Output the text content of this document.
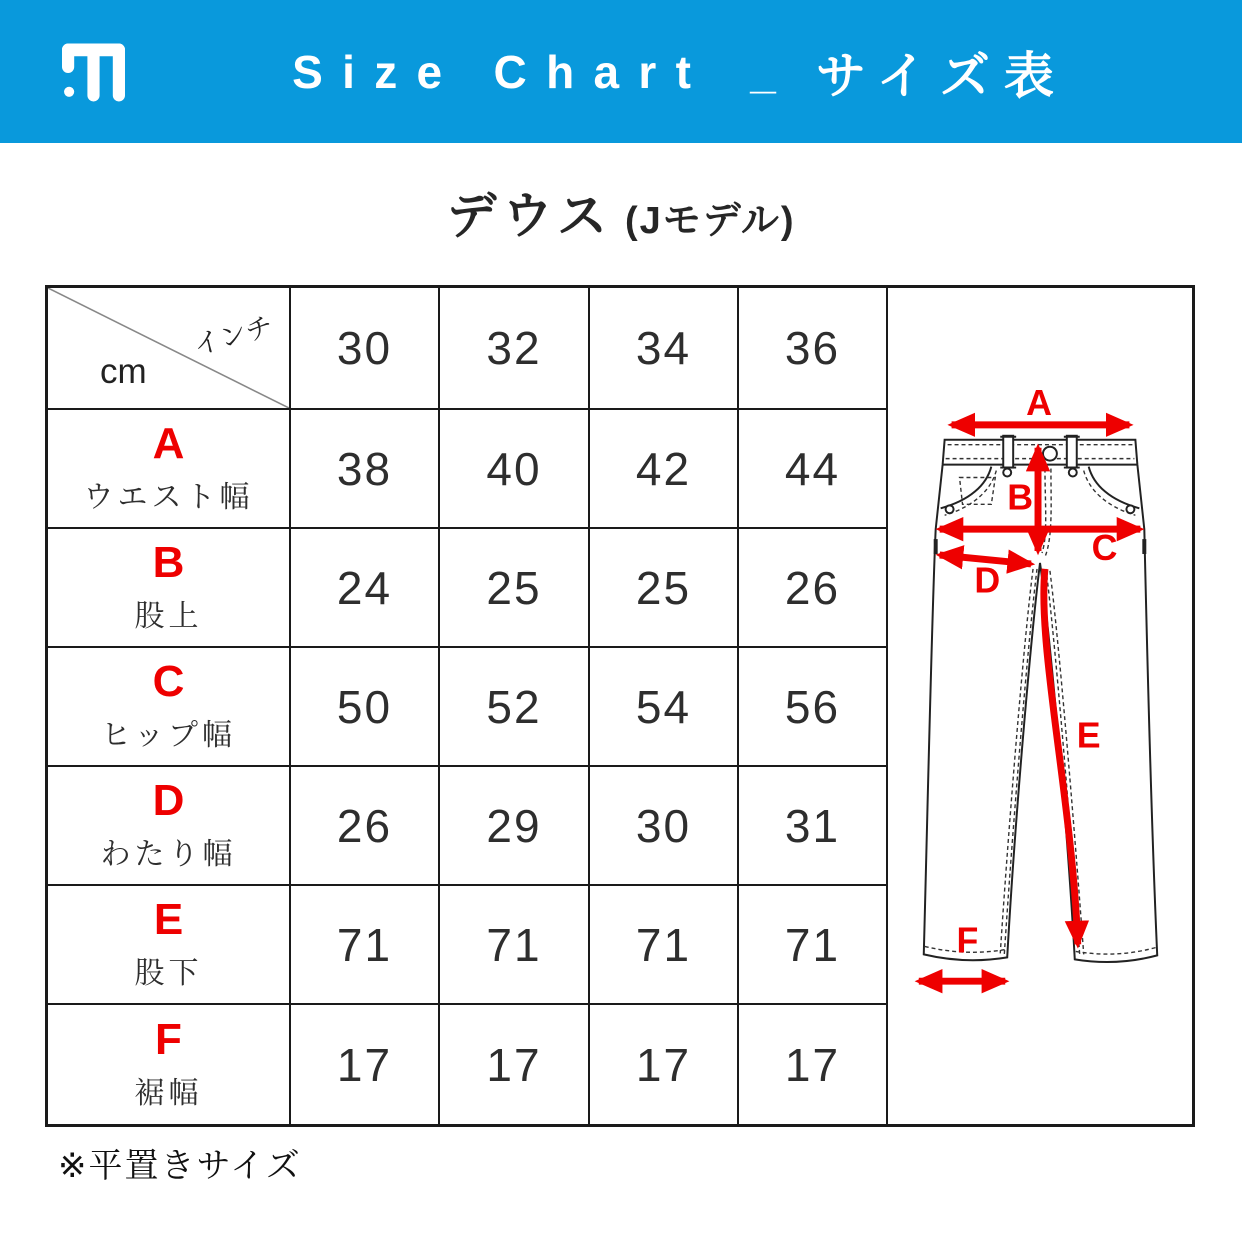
Size Chart _ サイズ表
デウス (Jモデル)
A
B
C
D
E
F
インチ
cm	30	32	34	36
A
ウエスト幅
38	40	42	44
B
股上
24	25	25	26
C
ヒップ幅
50	52	54	56
D
わたり幅
26	29	30	31
E
股下
71	71	71	71
F
裾幅
17	17	17	17
※平置きサイズ
